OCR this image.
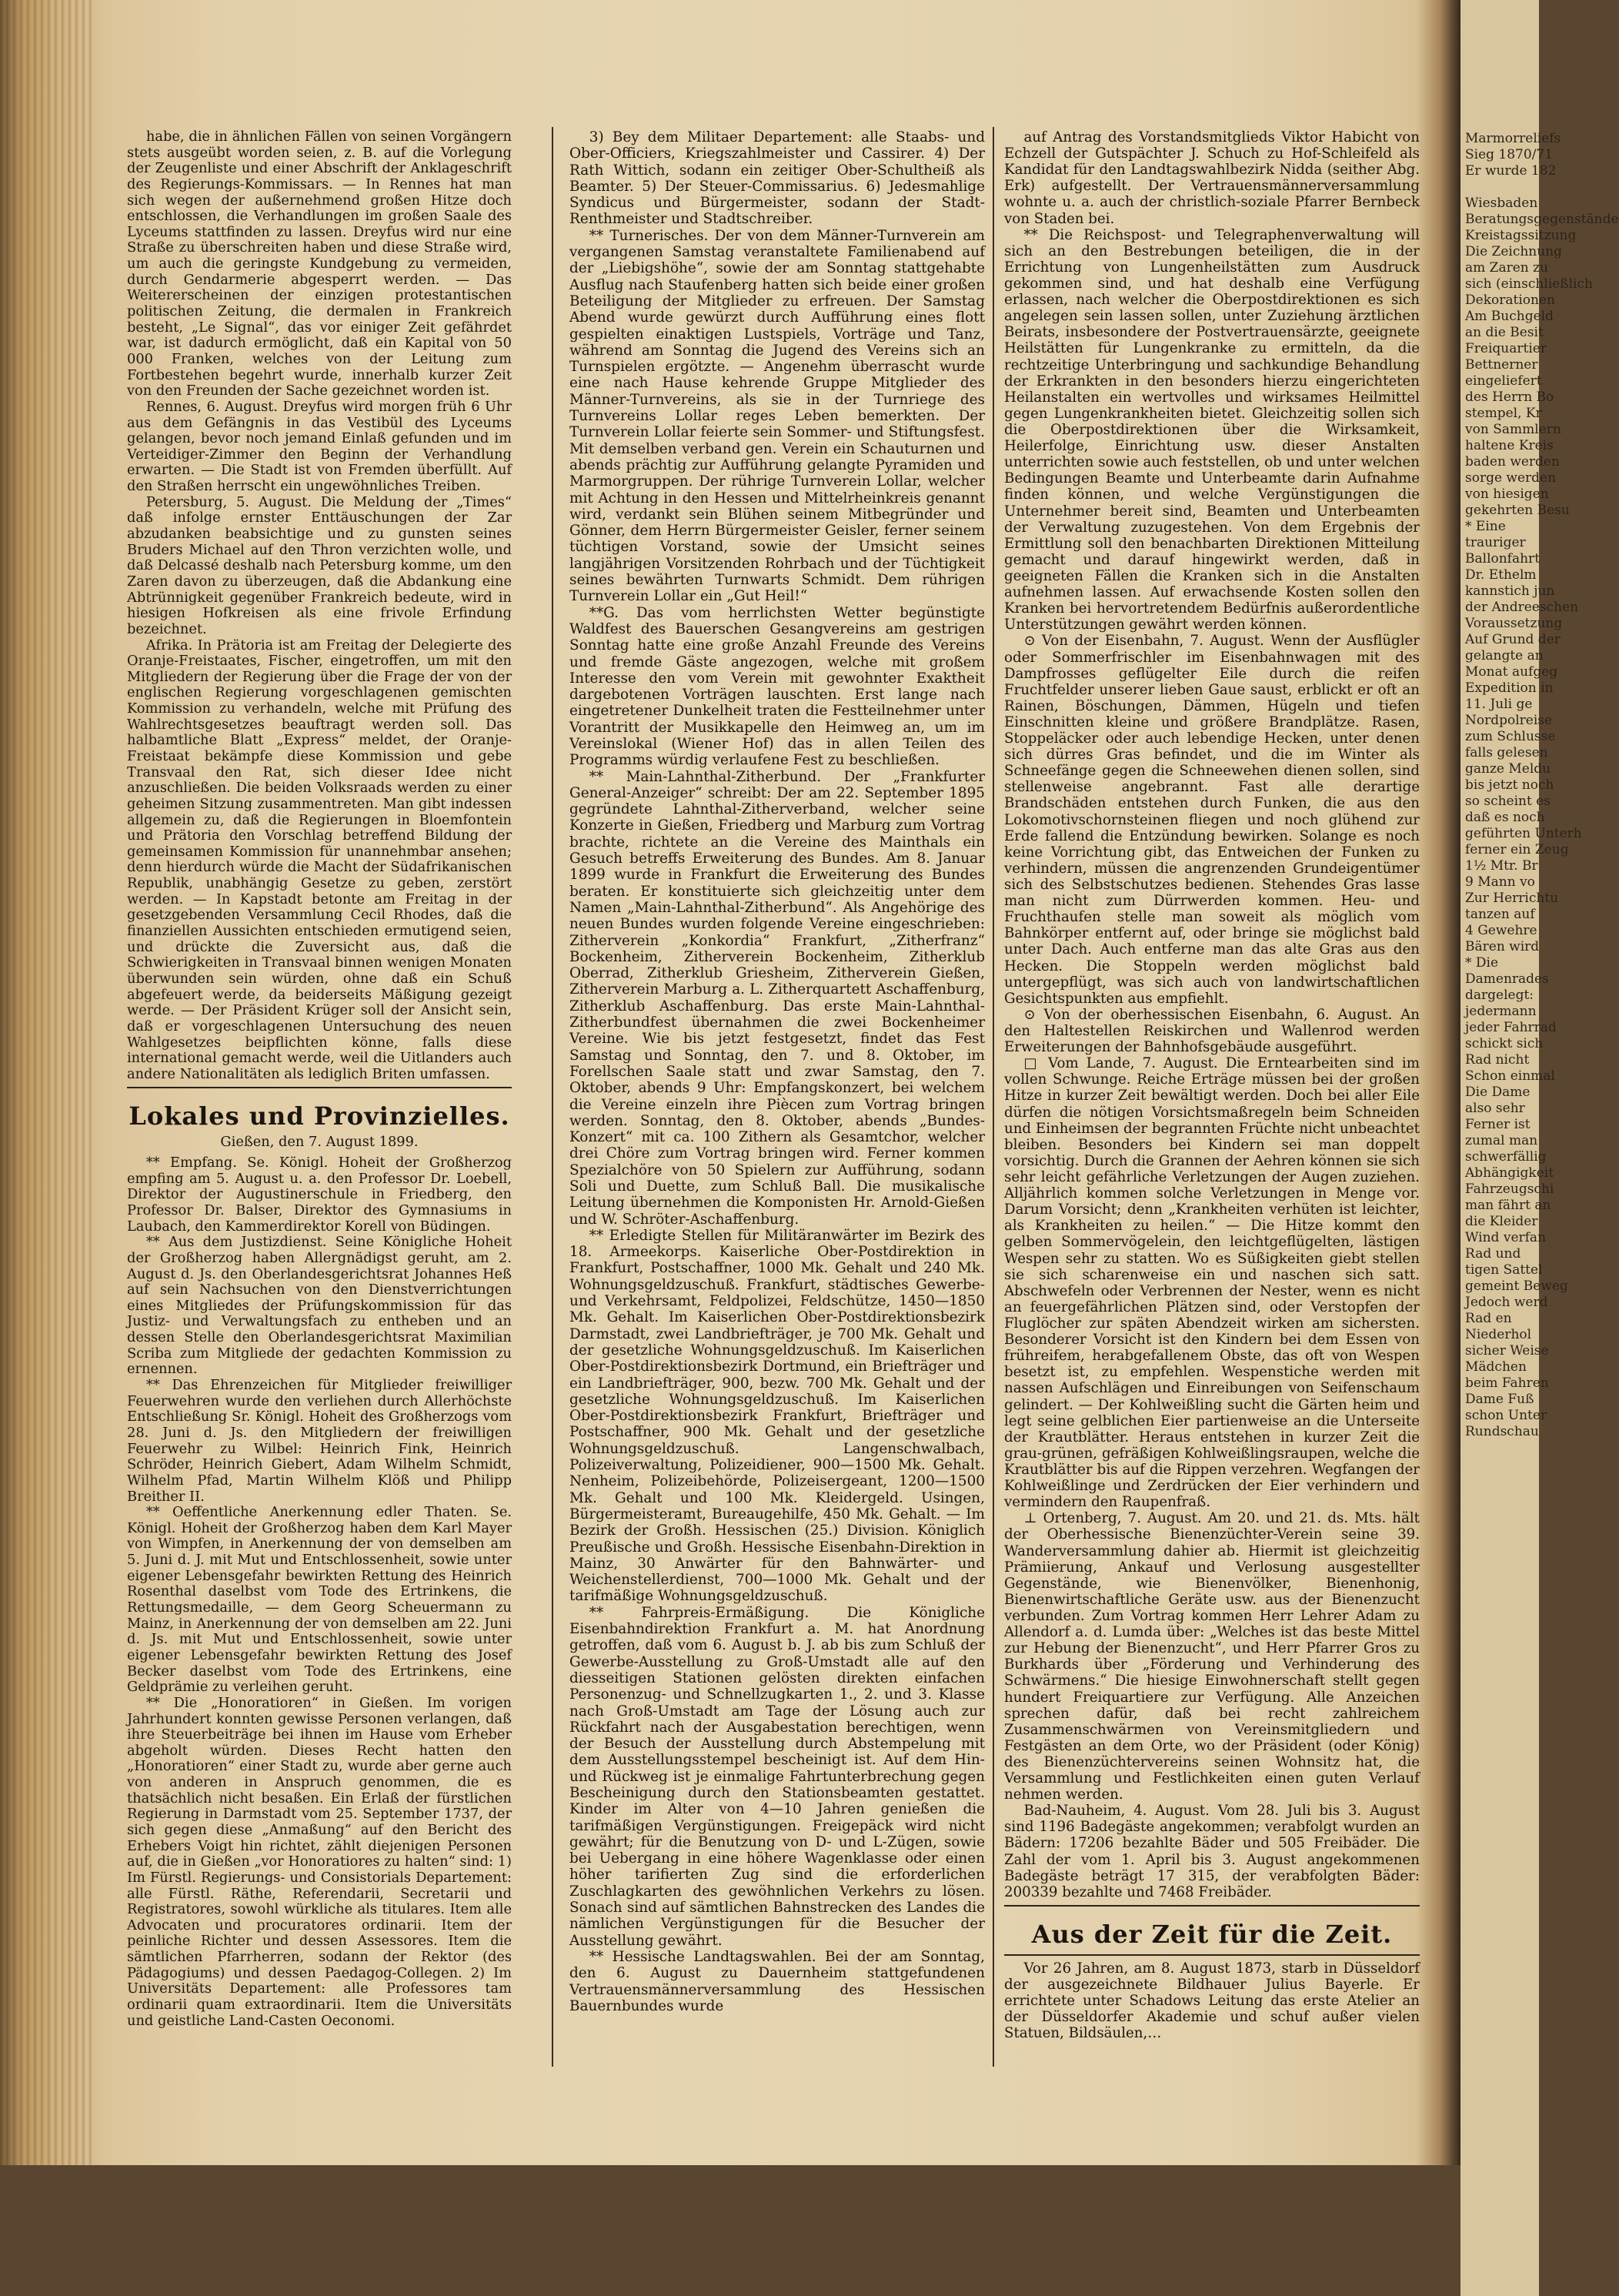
habe, die in ähnlichen Fällen von seinen Vorgängern stets ausgeübt worden seien, z. B. auf die Vorlegung der Zeugenliste und einer Abschrift der Anklageschrift des Regierungs-Kommissars. — In Rennes hat man sich wegen der außernehmend großen Hitze doch entschlossen, die Verhandlungen im großen Saale des Lyceums stattfinden zu lassen. Dreyfus wird nur eine Straße zu überschreiten haben und diese Straße wird, um auch die geringste Kundgebung zu vermeiden, durch Gendarmerie abgesperrt werden. — Das Weitererscheinen der einzigen protestantischen politischen Zeitung, die dermalen in Frankreich besteht, „Le Signal“, das vor einiger Zeit gefährdet war, ist dadurch ermöglicht, daß ein Kapital von 50 000 Franken, welches von der Leitung zum Fortbestehen begehrt wurde, innerhalb kurzer Zeit von den Freunden der Sache gezeichnet worden ist.

Rennes, 6. August. Dreyfus wird morgen früh 6 Uhr aus dem Gefängnis in das Vestibül des Lyceums gelangen, bevor noch jemand Einlaß gefunden und im Verteidiger-Zimmer den Beginn der Verhandlung erwarten. — Die Stadt ist von Fremden überfüllt. Auf den Straßen herrscht ein ungewöhnliches Treiben.

Petersburg, 5. August. Die Meldung der „Times“ daß infolge ernster Enttäuschungen der Zar abzudanken beabsichtige und zu gunsten seines Bruders Michael auf den Thron verzichten wolle, und daß Delcassé deshalb nach Petersburg komme, um den Zaren davon zu überzeugen, daß die Abdankung eine Abtrünnigkeit gegenüber Frankreich bedeute, wird in hiesigen Hofkreisen als eine frivole Erfindung bezeichnet.

Afrika. In Prätoria ist am Freitag der Delegierte des Oranje-Freistaates, Fischer, eingetroffen, um mit den Mitgliedern der Regierung über die Frage der von der englischen Regierung vorgeschlagenen gemischten Kommission zu verhandeln, welche mit Prüfung des Wahlrechtsgesetzes beauftragt werden soll. Das halbamtliche Blatt „Express“ meldet, der Oranje-Freistaat bekämpfe diese Kommission und gebe Transvaal den Rat, sich dieser Idee nicht anzuschließen. Die beiden Volksraads werden zu einer geheimen Sitzung zusammentreten. Man gibt indessen allgemein zu, daß die Regierungen in Bloemfontein und Prätoria den Vorschlag betreffend Bildung der gemeinsamen Kommission für unannehmbar ansehen; denn hierdurch würde die Macht der Südafrikanischen Republik, unabhängig Gesetze zu geben, zerstört werden. — In Kapstadt betonte am Freitag in der gesetzgebenden Versammlung Cecil Rhodes, daß die finanziellen Aussichten entschieden ermutigend seien, und drückte die Zuversicht aus, daß die Schwierigkeiten in Transvaal binnen wenigen Monaten überwunden sein würden, ohne daß ein Schuß abgefeuert werde, da beiderseits Mäßigung gezeigt werde. — Der Präsident Krüger soll der Ansicht sein, daß er vorgeschlagenen Untersuchung des neuen Wahlgesetzes beipflichten könne, falls diese international gemacht werde, weil die Uitlanders auch andere Nationalitäten als lediglich Briten umfassen.

Lokales und Provinzielles.
Gießen, den 7. August 1899.

** Empfang. Se. Königl. Hoheit der Großherzog empfing am 5. August u. a. den Professor Dr. Loebell, Direktor der Augustinerschule in Friedberg, den Professor Dr. Balser, Direktor des Gymnasiums in Laubach, den Kammerdirektor Korell von Büdingen.

** Aus dem Justizdienst. Seine Königliche Hoheit der Großherzog haben Allergnädigst geruht, am 2. August d. Js. den Oberlandesgerichtsrat Johannes Heß auf sein Nachsuchen von den Dienstverrichtungen eines Mitgliedes der Prüfungskommission für das Justiz- und Verwaltungsfach zu entheben und an dessen Stelle den Oberlandesgerichtsrat Maximilian Scriba zum Mitgliede der gedachten Kommission zu ernennen.

** Das Ehrenzeichen für Mitglieder freiwilliger Feuerwehren wurde den verliehen durch Allerhöchste Entschließung Sr. Königl. Hoheit des Großherzogs vom 28. Juni d. Js. den Mitgliedern der freiwilligen Feuerwehr zu Wilbel: Heinrich Fink, Heinrich Schröder, Heinrich Giebert, Adam Wilhelm Schmidt, Wilhelm Pfad, Martin Wilhelm Klöß und Philipp Breither II.

** Oeffentliche Anerkennung edler Thaten. Se. Königl. Hoheit der Großherzog haben dem Karl Mayer von Wimpfen, in Anerkennung der von demselben am 5. Juni d. J. mit Mut und Entschlossenheit, sowie unter eigener Lebensgefahr bewirkten Rettung des Heinrich Rosenthal daselbst vom Tode des Ertrinkens, die Rettungsmedaille, — dem Georg Scheuermann zu Mainz, in Anerkennung der von demselben am 22. Juni d. Js. mit Mut und Entschlossenheit, sowie unter eigener Lebensgefahr bewirkten Rettung des Josef Becker daselbst vom Tode des Ertrinkens, eine Geldprämie zu verleihen geruht.

** Die „Honoratioren“ in Gießen. Im vorigen Jahrhundert konnten gewisse Personen verlangen, daß ihre Steuerbeiträge bei ihnen im Hause vom Erheber abgeholt würden. Dieses Recht hatten den „Honoratioren“ einer Stadt zu, wurde aber gerne auch von anderen in Anspruch genommen, die es thatsächlich nicht besaßen. Ein Erlaß der fürstlichen Regierung in Darmstadt vom 25. September 1737, der sich gegen diese „Anmaßung“ auf den Bericht des Erhebers Voigt hin richtet, zählt diejenigen Personen auf, die in Gießen „vor Honoratiores zu halten“ sind: 1) Im Fürstl. Regierungs- und Consistorials Departement: alle Fürstl. Räthe, Referendarii, Secretarii und Registratores, sowohl würkliche als titulares. Item alle Advocaten und procuratores ordinarii. Item der peinliche Richter und dessen Assessores. Item die sämtlichen Pfarrherren, sodann der Rektor (des Pädagogiums) und dessen Paedagog-Collegen. 2) Im Universitäts Departement: alle Professores tam ordinarii quam extraordinarii. Item die Universitäts und geistliche Land-Casten Oeconomi.

3) Bey dem Militaer Departement: alle Staabs- und Ober-Officiers, Kriegszahlmeister und Cassirer. 4) Der Rath Wittich, sodann ein zeitiger Ober-Schultheiß als Beamter. 5) Der Steuer-Commissarius. 6) Jedesmahlige Syndicus und Bürgermeister, sodann der Stadt-Renthmeister und Stadtschreiber.

** Turnerisches. Der von dem Männer-Turnverein am vergangenen Samstag veranstaltete Familienabend auf der „Liebigshöhe“, sowie der am Sonntag stattgehabte Ausflug nach Staufenberg hatten sich beide einer großen Beteiligung der Mitglieder zu erfreuen. Der Samstag Abend wurde gewürzt durch Aufführung eines flott gespielten einaktigen Lustspiels, Vorträge und Tanz, während am Sonntag die Jugend des Vereins sich an Turnspielen ergötzte. — Angenehm überrascht wurde eine nach Hause kehrende Gruppe Mitglieder des Männer-Turnvereins, als sie in der Turnriege des Turnvereins Lollar reges Leben bemerkten. Der Turnverein Lollar feierte sein Sommer- und Stiftungsfest. Mit demselben verband gen. Verein ein Schauturnen und abends prächtig zur Aufführung gelangte Pyramiden und Marmorgruppen. Der rührige Turnverein Lollar, welcher mit Achtung in den Hessen und Mittelrheinkreis genannt wird, verdankt sein Blühen seinem Mitbegründer und Gönner, dem Herrn Bürgermeister Geisler, ferner seinem tüchtigen Vorstand, sowie der Umsicht seines langjährigen Vorsitzenden Rohrbach und der Tüchtigkeit seines bewährten Turnwarts Schmidt. Dem rührigen Turnverein Lollar ein „Gut Heil!“

**G. Das vom herrlichsten Wetter begünstigte Waldfest des Bauerschen Gesangvereins am gestrigen Sonntag hatte eine große Anzahl Freunde des Vereins und fremde Gäste angezogen, welche mit großem Interesse den vom Verein mit gewohnter Exaktheit dargebotenen Vorträgen lauschten. Erst lange nach eingetretener Dunkelheit traten die Festteilnehmer unter Vorantritt der Musikkapelle den Heimweg an, um im Vereinslokal (Wiener Hof) das in allen Teilen des Programms würdig verlaufene Fest zu beschließen.

** Main-Lahnthal-Zitherbund. Der „Frankfurter General-Anzeiger“ schreibt: Der am 22. September 1895 gegründete Lahnthal-Zitherverband, welcher seine Konzerte in Gießen, Friedberg und Marburg zum Vortrag brachte, richtete an die Vereine des Mainthals ein Gesuch betreffs Erweiterung des Bundes. Am 8. Januar 1899 wurde in Frankfurt die Erweiterung des Bundes beraten. Er konstituierte sich gleichzeitig unter dem Namen „Main-Lahnthal-Zitherbund“. Als Angehörige des neuen Bundes wurden folgende Vereine eingeschrieben: Zitherverein „Konkordia“ Frankfurt, „Zitherfranz“ Bockenheim, Zitherverein Bockenheim, Zitherklub Oberrad, Zitherklub Griesheim, Zitherverein Gießen, Zitherverein Marburg a. L. Zitherquartett Aschaffenburg, Zitherklub Aschaffenburg. Das erste Main-Lahnthal-Zitherbundfest übernahmen die zwei Bockenheimer Vereine. Wie bis jetzt festgesetzt, findet das Fest Samstag und Sonntag, den 7. und 8. Oktober, im Forellschen Saale statt und zwar Samstag, den 7. Oktober, abends 9 Uhr: Empfangskonzert, bei welchem die Vereine einzeln ihre Piècen zum Vortrag bringen werden. Sonntag, den 8. Oktober, abends „Bundes-Konzert“ mit ca. 100 Zithern als Gesamtchor, welcher drei Chöre zum Vortrag bringen wird. Ferner kommen Spezialchöre von 50 Spielern zur Aufführung, sodann Soli und Duette, zum Schluß Ball. Die musikalische Leitung übernehmen die Komponisten Hr. Arnold-Gießen und W. Schröter-Aschaffenburg.

** Erledigte Stellen für Militäranwärter im Bezirk des 18. Armeekorps. Kaiserliche Ober-Postdirektion in Frankfurt, Postschaffner, 1000 Mk. Gehalt und 240 Mk. Wohnungsgeldzuschuß. Frankfurt, städtisches Gewerbe- und Verkehrsamt, Feldpolizei, Feldschütze, 1450—1850 Mk. Gehalt. Im Kaiserlichen Ober-Postdirektionsbezirk Darmstadt, zwei Landbriefträger, je 700 Mk. Gehalt und der gesetzliche Wohnungsgeldzuschuß. Im Kaiserlichen Ober-Postdirektionsbezirk Dortmund, ein Briefträger und ein Landbriefträger, 900, bezw. 700 Mk. Gehalt und der gesetzliche Wohnungsgeldzuschuß. Im Kaiserlichen Ober-Postdirektionsbezirk Frankfurt, Briefträger und Postschaffner, 900 Mk. Gehalt und der gesetzliche Wohnungsgeldzuschuß. Langenschwalbach, Polizeiverwaltung, Polizeidiener, 900—1500 Mk. Gehalt. Nenheim, Polizeibehörde, Polizeisergeant, 1200—1500 Mk. Gehalt und 100 Mk. Kleidergeld. Usingen, Bürgermeisteramt, Bureaugehilfe, 450 Mk. Gehalt. — Im Bezirk der Großh. Hessischen (25.) Division. Königlich Preußische und Großh. Hessische Eisenbahn-Direktion in Mainz, 30 Anwärter für den Bahnwärter- und Weichenstellerdienst, 700—1000 Mk. Gehalt und der tarifmäßige Wohnungsgeldzuschuß.

** Fahrpreis-Ermäßigung. Die Königliche Eisenbahndirektion Frankfurt a. M. hat Anordnung getroffen, daß vom 6. August b. J. ab bis zum Schluß der Gewerbe-Ausstellung zu Groß-Umstadt alle auf den diesseitigen Stationen gelösten direkten einfachen Personenzug- und Schnellzugkarten 1., 2. und 3. Klasse nach Groß-Umstadt am Tage der Lösung auch zur Rückfahrt nach der Ausgabestation berechtigen, wenn der Besuch der Ausstellung durch Abstempelung mit dem Ausstellungsstempel bescheinigt ist. Auf dem Hin- und Rückweg ist je einmalige Fahrtunterbrechung gegen Bescheinigung durch den Stationsbeamten gestattet. Kinder im Alter von 4—10 Jahren genießen die tarifmäßigen Vergünstigungen. Freigepäck wird nicht gewährt; für die Benutzung von D- und L-Zügen, sowie bei Uebergang in eine höhere Wagenklasse oder einen höher tarifierten Zug sind die erforderlichen Zuschlagkarten des gewöhnlichen Verkehrs zu lösen. Sonach sind auf sämtlichen Bahnstrecken des Landes die nämlichen Vergünstigungen für die Besucher der Ausstellung gewährt.

** Hessische Landtagswahlen. Bei der am Sonntag, den 6. August zu Dauernheim stattgefundenen Vertrauensmännerversammlung des Hessischen Bauernbundes wurde

auf Antrag des Vorstandsmitglieds Viktor Habicht von Echzell der Gutspächter J. Schuch zu Hof-Schleifeld als Kandidat für den Landtagswahlbezirk Nidda (seither Abg. Erk) aufgestellt. Der Vertrauensmännerversammlung wohnte u. a. auch der christlich-soziale Pfarrer Bernbeck von Staden bei.

** Die Reichspost- und Telegraphenverwaltung will sich an den Bestrebungen beteiligen, die in der Errichtung von Lungenheilstätten zum Ausdruck gekommen sind, und hat deshalb eine Verfügung erlassen, nach welcher die Oberpostdirektionen es sich angelegen sein lassen sollen, unter Zuziehung ärztlichen Beirats, insbesondere der Postvertrauensärzte, geeignete Heilstätten für Lungenkranke zu ermitteln, da die rechtzeitige Unterbringung und sachkundige Behandlung der Erkrankten in den besonders hierzu eingerichteten Heilanstalten ein wertvolles und wirksames Heilmittel gegen Lungenkrankheiten bietet. Gleichzeitig sollen sich die Oberpostdirektionen über die Wirksamkeit, Heilerfolge, Einrichtung usw. dieser Anstalten unterrichten sowie auch feststellen, ob und unter welchen Bedingungen Beamte und Unterbeamte darin Aufnahme finden können, und welche Vergünstigungen die Unternehmer bereit sind, Beamten und Unterbeamten der Verwaltung zuzugestehen. Von dem Ergebnis der Ermittlung soll den benachbarten Direktionen Mitteilung gemacht und darauf hingewirkt werden, daß in geeigneten Fällen die Kranken sich in die Anstalten aufnehmen lassen. Auf erwachsende Kosten sollen den Kranken bei hervortretendem Bedürfnis außerordentliche Unterstützungen gewährt werden können.

⊙ Von der Eisenbahn, 7. August. Wenn der Ausflügler oder Sommerfrischler im Eisenbahnwagen mit des Dampfrosses geflügelter Eile durch die reifen Fruchtfelder unserer lieben Gaue saust, erblickt er oft an Rainen, Böschungen, Dämmen, Hügeln und tiefen Einschnitten kleine und größere Brandplätze. Rasen, Stoppeläcker oder auch lebendige Hecken, unter denen sich dürres Gras befindet, und die im Winter als Schneefänge gegen die Schneewehen dienen sollen, sind stellenweise angebrannt. Fast alle derartige Brandschäden entstehen durch Funken, die aus den Lokomotivschornsteinen fliegen und noch glühend zur Erde fallend die Entzündung bewirken. Solange es noch keine Vorrichtung gibt, das Entweichen der Funken zu verhindern, müssen die angrenzenden Grundeigentümer sich des Selbstschutzes bedienen. Stehendes Gras lasse man nicht zum Dürrwerden kommen. Heu- und Fruchthaufen stelle man soweit als möglich vom Bahnkörper entfernt auf, oder bringe sie möglichst bald unter Dach. Auch entferne man das alte Gras aus den Hecken. Die Stoppeln werden möglichst bald untergepflügt, was sich auch von landwirtschaftlichen Gesichtspunkten aus empfiehlt.

⊙ Von der oberhessischen Eisenbahn, 6. August. An den Haltestellen Reiskirchen und Wallenrod werden Erweiterungen der Bahnhofsgebäude ausgeführt.

□ Vom Lande, 7. August. Die Erntearbeiten sind im vollen Schwunge. Reiche Erträge müssen bei der großen Hitze in kurzer Zeit bewältigt werden. Doch bei aller Eile dürfen die nötigen Vorsichtsmaßregeln beim Schneiden und Einheimsen der begrannten Früchte nicht unbeachtet bleiben. Besonders bei Kindern sei man doppelt vorsichtig. Durch die Grannen der Aehren können sie sich sehr leicht gefährliche Verletzungen der Augen zuziehen. Alljährlich kommen solche Verletzungen in Menge vor. Darum Vorsicht; denn „Krankheiten verhüten ist leichter, als Krankheiten zu heilen.“ — Die Hitze kommt den gelben Sommervögelein, den leichtgeflügelten, lästigen Wespen sehr zu statten. Wo es Süßigkeiten giebt stellen sie sich scharenweise ein und naschen sich satt. Abschwefeln oder Verbrennen der Nester, wenn es nicht an feuergefährlichen Plätzen sind, oder Verstopfen der Fluglöcher zur späten Abendzeit wirken am sichersten. Besonderer Vorsicht ist den Kindern bei dem Essen von frühreifem, herabgefallenem Obste, das oft von Wespen besetzt ist, zu empfehlen. Wespenstiche werden mit nassen Aufschlägen und Einreibungen von Seifenschaum gelindert. — Der Kohlweißling sucht die Gärten heim und legt seine gelblichen Eier partienweise an die Unterseite der Krautblätter. Heraus entstehen in kurzer Zeit die grau-grünen, gefräßigen Kohlweißlingsraupen, welche die Krautblätter bis auf die Rippen verzehren. Wegfangen der Kohlweißlinge und Zerdrücken der Eier verhindern und vermindern den Raupenfraß.

⊥ Ortenberg, 7. August. Am 20. und 21. ds. Mts. hält der Oberhessische Bienenzüchter-Verein seine 39. Wanderversammlung dahier ab. Hiermit ist gleichzeitig Prämiierung, Ankauf und Verlosung ausgestellter Gegenstände, wie Bienenvölker, Bienenhonig, Bienenwirtschaftliche Geräte usw. aus der Bienenzucht verbunden. Zum Vortrag kommen Herr Lehrer Adam zu Allendorf a. d. Lumda über: „Welches ist das beste Mittel zur Hebung der Bienenzucht“, und Herr Pfarrer Gros zu Burkhards über „Förderung und Verhinderung des Schwärmens.“ Die hiesige Einwohnerschaft stellt gegen hundert Freiquartiere zur Verfügung. Alle Anzeichen sprechen dafür, daß bei recht zahlreichem Zusammenschwärmen von Vereinsmitgliedern und Festgästen an dem Orte, wo der Präsident (oder König) des Bienenzüchtervereins seinen Wohnsitz hat, die Versammlung und Festlichkeiten einen guten Verlauf nehmen werden.

Bad-Nauheim, 4. August. Vom 28. Juli bis 3. August sind 1196 Badegäste angekommen; verabfolgt wurden an Bädern: 17206 bezahlte Bäder und 505 Freibäder. Die Zahl der vom 1. April bis 3. August angekommenen Badegäste beträgt 17 315, der verabfolgten Bäder: 200339 bezahlte und 7468 Freibäder.

Aus der Zeit für die Zeit.

Vor 26 Jahren, am 8. August 1873, starb in Düsseldorf der ausgezeichnete Bildhauer Julius Bayerle. Er errichtete unter Schadows Leitung das erste Atelier an der Düsseldorfer Akademie und schuf außer vielen Statuen, Bildsäulen,…

Marmorreliefs
Sieg 1870/71
Er wurde 182

Wiesbaden
Beratungsgegenstände
Kreistagssitzung
Die Zeichnung
am Zaren zu
sich (einschließlich
Dekorationen
Am Buchgeld
an die Besit
Freiquartier
Bettnerner
eingeliefert
des Herrn Bo
stempel, Kr
von Sammlern
haltene Kreis
baden werden
sorge werden
von hiesigen
gekehrten Besu
* Eine
trauriger
Ballonfahrt
Dr. Ethelm
kannstich jun
der Andreeschen
Voraussetzung
Auf Grund der
gelangte an
Monat aufgeg
Expedition in
11. Juli ge
Nordpolreise
zum Schlusse
falls gelesen
ganze Meldu
bis jetzt noch
so scheint es
daß es noch
geführten Unterh
ferner ein Zeug
1½ Mtr. Br
9 Mann vo
Zur Herrichtu
tanzen auf
4 Gewehre
Bären wird
* Die
Damenrades
dargelegt:
jedermann
jeder Fahrrad
schickt sich
Rad nicht
Schon einmal
Die Dame
also sehr
Ferner ist
zumal man
schwerfällig
Abhängigkeit
Fahrzeugschi
man fährt an
die Kleider
Wind verfan
Rad und
tigen Sattel
gemeint Beweg
Jedoch werd
Rad en
Niederhol
sicher Weise
Mädchen
beim Fahren
Dame Fuß
schon Unter
Rundschau
